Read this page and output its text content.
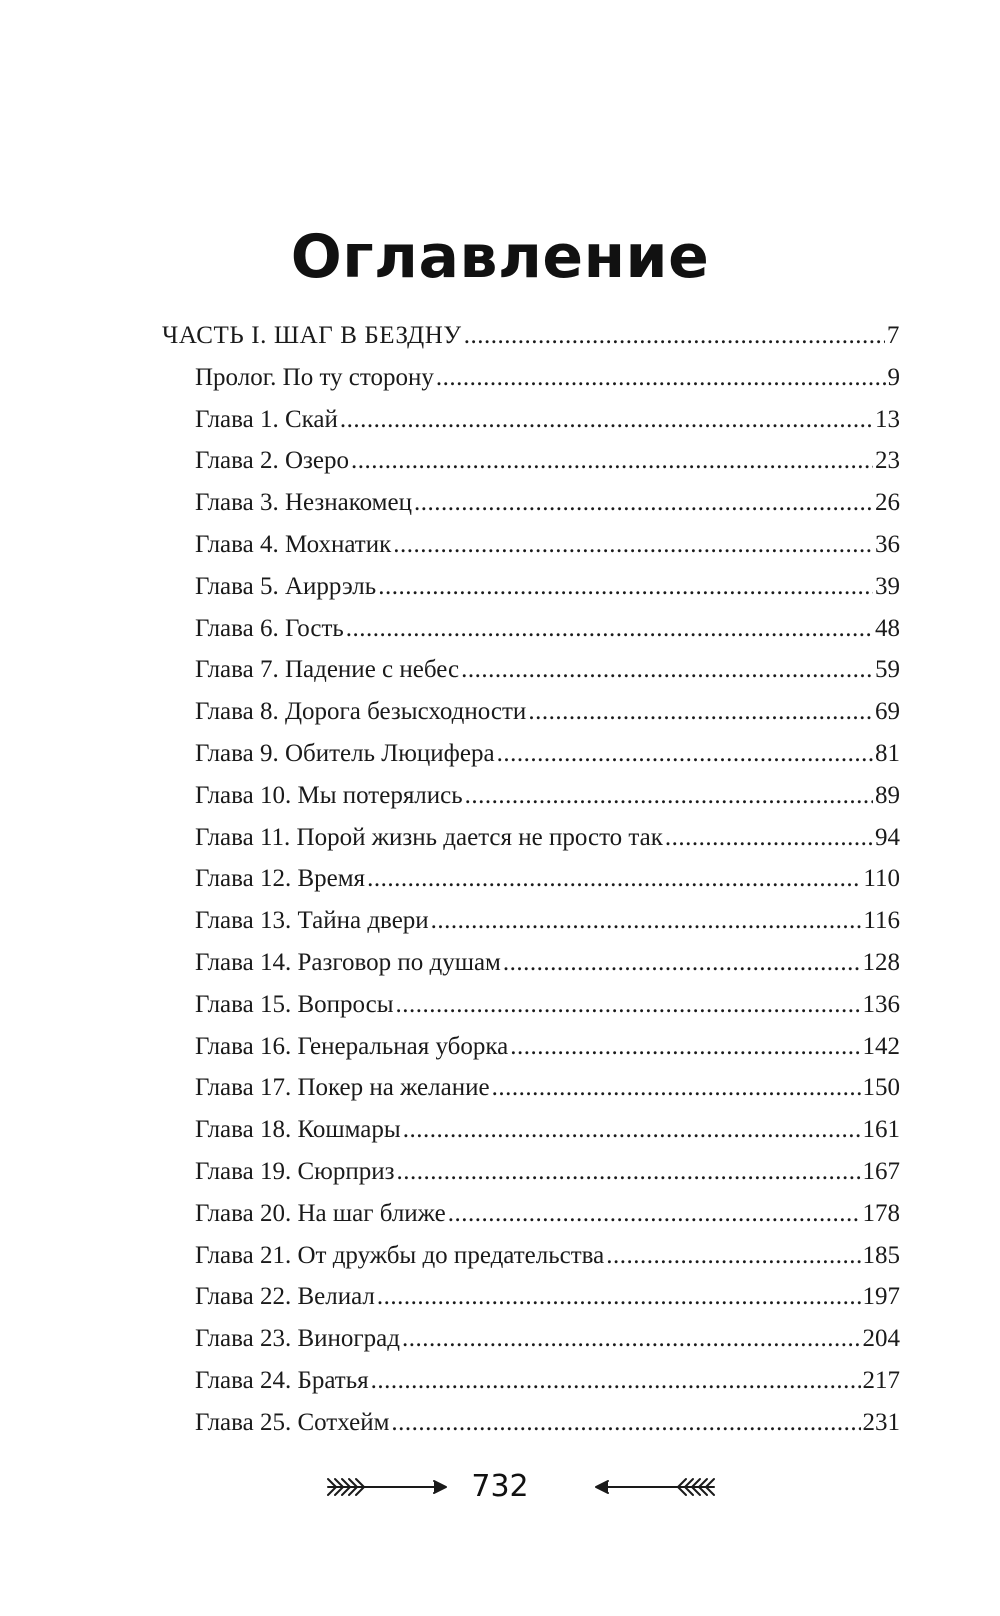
Оглавление
ЧАСТЬ I. ШАГ В БЕЗДНУ .....	7
Пролог. По ту сторону .....	9
Глава 1. Скай .....	13
Глава 2. Озеро .....	23
Глава 3. Незнакомец .....	26
Глава 4. Мохнатик .....	36
Глава 5. Аиррэль .....	39
Глава 6. Гость .....	48
Глава 7. Падение с небес .....	59
Глава 8. Дорога безысходности .....	69
Глава 9. Обитель Люцифера .....	81
Глава 10. Мы потерялись .....	89
Глава 11. Порой жизнь дается не просто так .....	94
Глава 12. Время .....	110
Глава 13. Тайна двери .....	116
Глава 14. Разговор по душам .....	128
Глава 15. Вопросы .....	136
Глава 16. Генеральная уборка .....	142
Глава 17. Покер на желание .....	150
Глава 18. Кошмары .....	161
Глава 19. Сюрприз .....	167
Глава 20. На шаг ближе .....	178
Глава 21. От дружбы до предательства .....	185
Глава 22. Велиал .....	197
Глава 23. Виноград .....	204
Глава 24. Братья .....	217
Глава 25. Сотхейм .....	231
732
